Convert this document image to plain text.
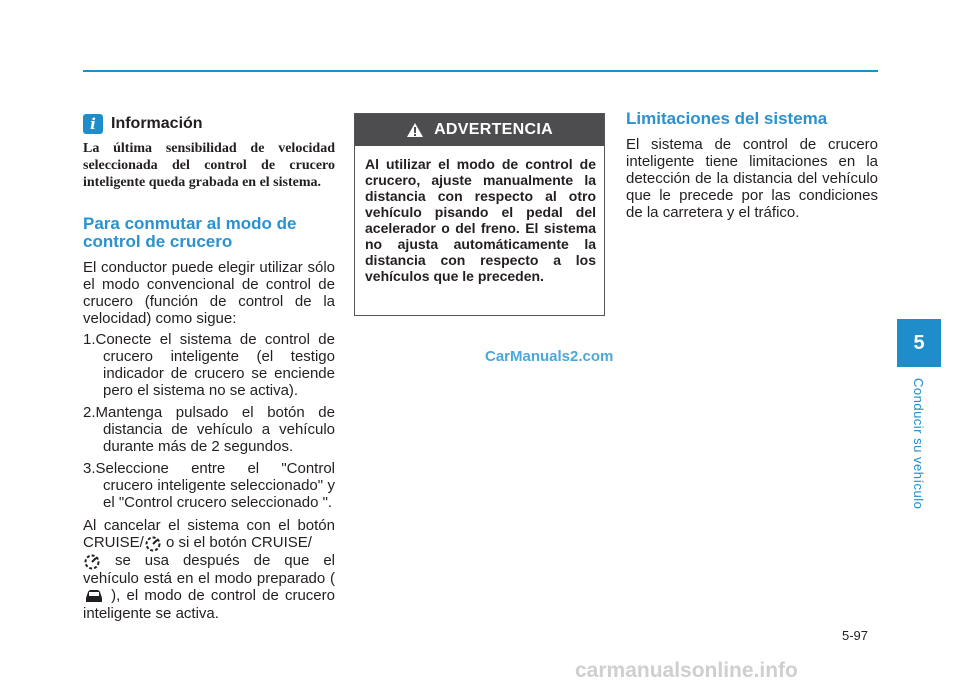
i Información
La última sensibilidad de velocidad seleccionada del control de crucero inteligente queda grabada en el sistema.
Para conmutar al modo de control de crucero

El conductor puede elegir utilizar sólo el modo convencional de control de crucero (función de control de la velocidad) como sigue:

1.Conecte el sistema de control de crucero inteligente (el testigo indicador de crucero se enciende pero el sistema no se activa).
2.Mantenga pulsado el botón de distancia de vehículo a vehículo durante más de 2 segundos.
3.Seleccione entre el "Control crucero inteligente seleccionado" y el "Control crucero seleccionado ".

Al cancelar el sistema con el botón CRUISE/ o si el botón CRUISE/
se usa después de que el vehículo está en el modo preparado ( ), el modo de control de crucero inteligente se activa.

ADVERTENCIA
Al utilizar el modo de control de crucero, ajuste manualmente la distancia con respecto al otro vehículo pisando el pedal del acelerador o del freno. El sistema no ajusta automáticamente la distancia con respecto a los vehículos que le preceden.
CarManuals2.com
Limitaciones del sistema

El sistema de control de crucero inteligente tiene limitaciones en la detección de la distancia del vehículo que le precede por las condiciones de la carretera y el tráfico.

5
Conducir su vehículo
5-97
carmanualsonline.info
